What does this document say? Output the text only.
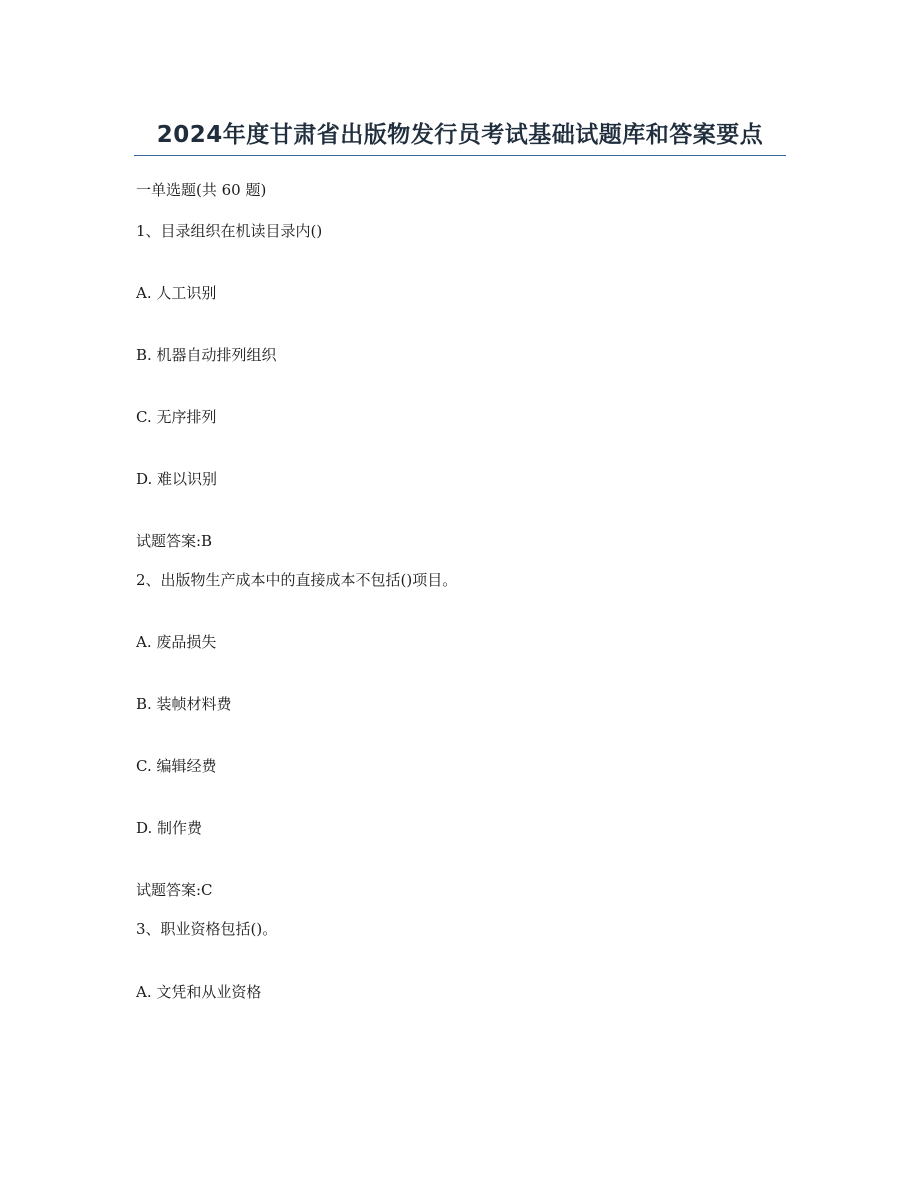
2024年度甘肃省出版物发行员考试基础试题库和答案要点
一单选题(共 60 题)
1、目录组织在机读目录内()
A. 人工识别
B. 机器自动排列组织
C. 无序排列
D. 难以识别
试题答案:B
2、出版物生产成本中的直接成本不包括()项目。
A. 废品损失
B. 装帧材料费
C. 编辑经费
D. 制作费
试题答案:C
3、职业资格包括()。
A. 文凭和从业资格
